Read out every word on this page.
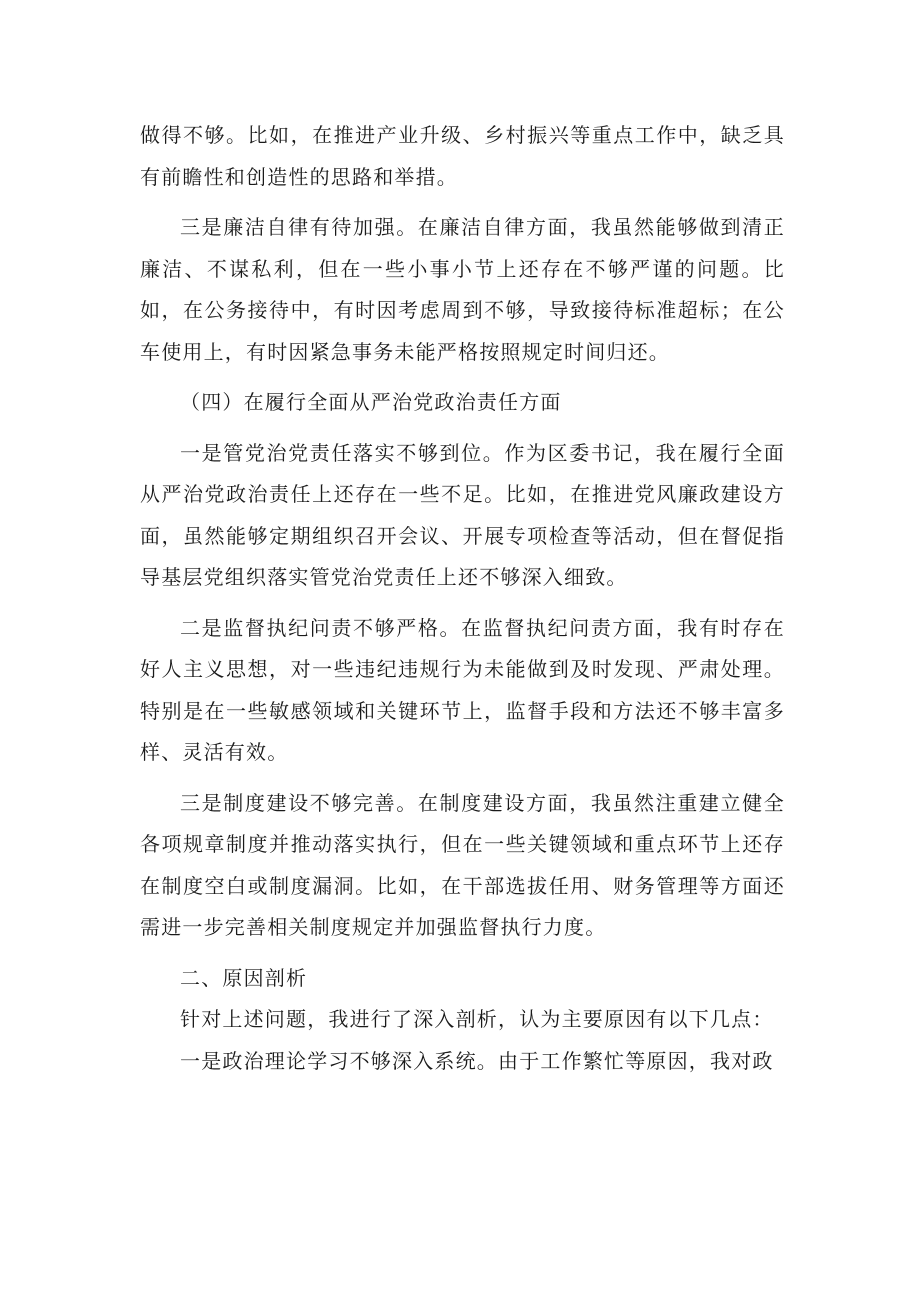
做得不够。比如，在推进产业升级、乡村振兴等重点工作中，缺乏具有前瞻性和创造性的思路和举措。

三是廉洁自律有待加强。在廉洁自律方面，我虽然能够做到清正廉洁、不谋私利，但在一些小事小节上还存在不够严谨的问题。比如，在公务接待中，有时因考虑周到不够，导致接待标准超标；在公车使用上，有时因紧急事务未能严格按照规定时间归还。

（四）在履行全面从严治党政治责任方面

一是管党治党责任落实不够到位。作为区委书记，我在履行全面从严治党政治责任上还存在一些不足。比如，在推进党风廉政建设方面，虽然能够定期组织召开会议、开展专项检查等活动，但在督促指导基层党组织落实管党治党责任上还不够深入细致。

二是监督执纪问责不够严格。在监督执纪问责方面，我有时存在好人主义思想，对一些违纪违规行为未能做到及时发现、严肃处理。特别是在一些敏感领域和关键环节上，监督手段和方法还不够丰富多样、灵活有效。

三是制度建设不够完善。在制度建设方面，我虽然注重建立健全各项规章制度并推动落实执行，但在一些关键领域和重点环节上还存在制度空白或制度漏洞。比如，在干部选拔任用、财务管理等方面还需进一步完善相关制度规定并加强监督执行力度。

二、原因剖析

针对上述问题，我进行了深入剖析，认为主要原因有以下几点：

一是政治理论学习不够深入系统。由于工作繁忙等原因，我对政
